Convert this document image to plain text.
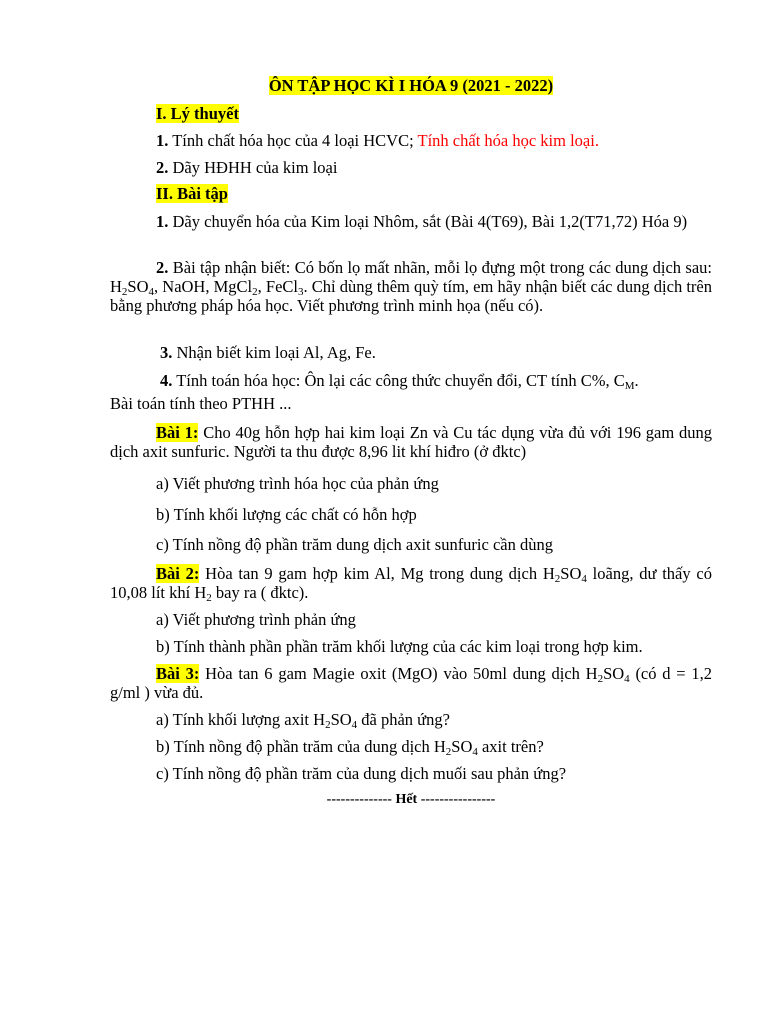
ÔN TẬP HỌC KÌ I HÓA 9 (2021 - 2022)
I. Lý thuyết
1. Tính chất hóa học của 4 loại HCVC; Tính chất hóa học kim loại.
2. Dãy HĐHH của kim loại
II. Bài tập
1. Dãy chuyển hóa của Kim loại Nhôm, sắt (Bài 4(T69), Bài 1,2(T71,72) Hóa 9)
2. Bài tập nhận biết: Có bốn lọ mất nhãn, mỗi lọ đựng một trong các dung dịch sau: $H_2SO_4$, NaOH, MgCl$_2$, FeCl$_3$. Chỉ dùng thêm quỳ tím, em hãy nhận biết các dung dịch trên bằng phương pháp hóa học. Viết phương trình minh họa (nếu có).
3. Nhận biết kim loại Al, Ag, Fe.
4. Tính toán hóa học: Ôn lại các công thức chuyển đổi, CT tính C%, $C_M$.
Bài toán tính theo PTHH ...
Bài 1: Cho 40g hỗn hợp hai kim loại Zn và Cu tác dụng vừa đủ với 196 gam dung dịch axit sunfuric. Người ta thu được 8,96 lit khí hiđro (ở đktc)
a) Viết phương trình hóa học của phản ứng
b) Tính khối lượng các chất có hỗn hợp
c) Tính nồng độ phần trăm dung dịch axit sunfuric cần dùng
Bài 2: Hòa tan 9 gam hợp kim Al, Mg trong dung dịch $H_2SO_4$ loãng, dư thấy có 10,08 lít khí $H_2$ bay ra ( đktc).
a) Viết phương trình phản ứng
b) Tính thành phần phần trăm khối lượng của các kim loại trong hợp kim.
Bài 3: Hòa tan 6 gam Magie oxit (MgO) vào 50ml dung dịch $H_2SO_4$ (có d = 1,2 g/ml ) vừa đủ.
a) Tính khối lượng axit $H_2SO_4$ đã phản ứng?
b) Tính nồng độ phần trăm của dung dịch $H_2SO_4$ axit trên?
c) Tính nồng độ phần trăm của dung dịch muối sau phản ứng?
-------------- Hết ----------------
